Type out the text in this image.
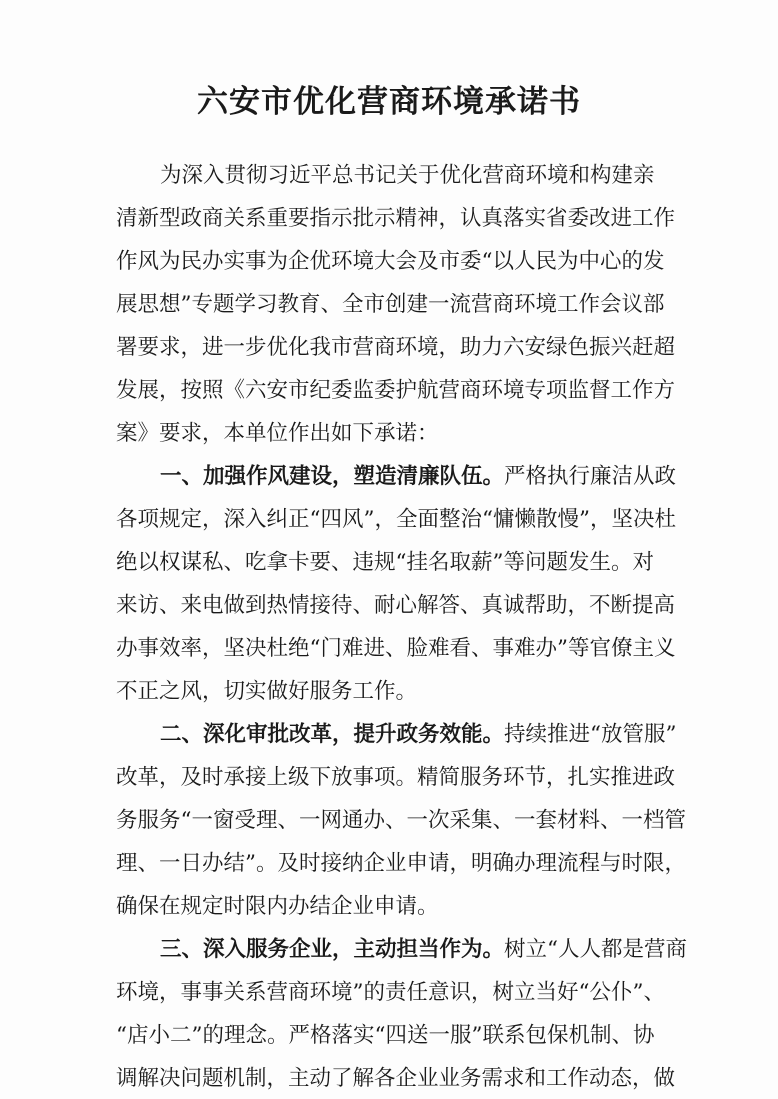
六安市优化营商环境承诺书
为深入贯彻习近平总书记关于优化营商环境和构建亲
清新型政商关系重要指示批示精神，认真落实省委改进工作
作风为民办实事为企优环境大会及市委“以人民为中心的发
展思想”专题学习教育、全市创建一流营商环境工作会议部
署要求，进一步优化我市营商环境，助力六安绿色振兴赶超
发展，按照《六安市纪委监委护航营商环境专项监督工作方
案》要求，本单位作出如下承诺：
一、加强作风建设，塑造清廉队伍。严格执行廉洁从政
各项规定，深入纠正“四风”，全面整治“慵懒散慢”，坚决杜
绝以权谋私、吃拿卡要、违规“挂名取薪”等问题发生。对
来访、来电做到热情接待、耐心解答、真诚帮助，不断提高
办事效率，坚决杜绝“门难进、脸难看、事难办”等官僚主义
不正之风，切实做好服务工作。
二、深化审批改革，提升政务效能。持续推进“放管服”
改革，及时承接上级下放事项。精简服务环节，扎实推进政
务服务“一窗受理、一网通办、一次采集、一套材料、一档管
理、一日办结”。及时接纳企业申请，明确办理流程与时限，
确保在规定时限内办结企业申请。
三、深入服务企业，主动担当作为。树立“人人都是营商
环境，事事关系营商环境”的责任意识，树立当好“公仆”、
“店小二”的理念。严格落实“四送一服”联系包保机制、协
调解决问题机制，主动了解各企业业务需求和工作动态，做
